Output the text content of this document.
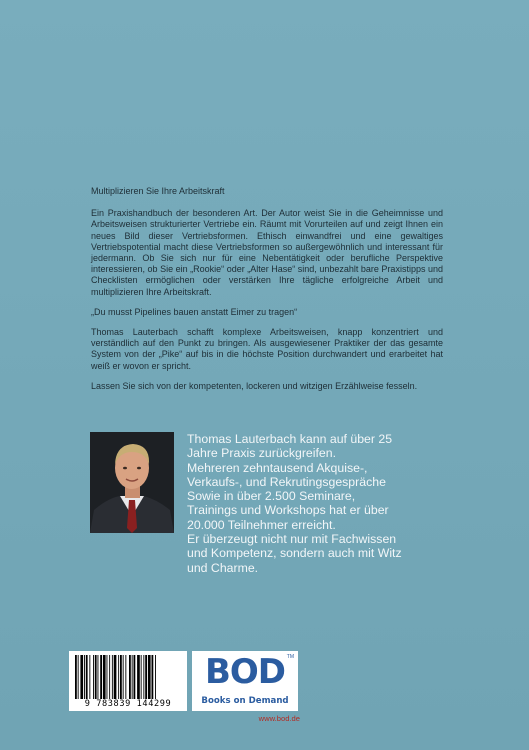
Multiplizieren Sie Ihre Arbeitskraft

Ein Praxishandbuch der besonderen Art. Der Autor weist Sie in die Geheimnisse und Arbeitsweisen strukturierter Vertriebe ein. Räumt mit Vorurteilen auf und zeigt Ihnen ein neues Bild dieser Vertriebsformen. Ethisch einwandfrei und eine gewaltiges Vertriebspotential macht diese Vertriebsformen so außergewöhnlich und interessant für jedermann. Ob Sie sich nur für eine Nebentätigkeit oder berufliche Perspektive interessieren, ob Sie ein „Rookie“ oder „Alter Hase“ sind, unbezahlt bare Praxistipps und Checklisten ermöglichen oder verstärken Ihre tägliche erfolgreiche Arbeit und multiplizieren Ihre Arbeitskraft.

„Du musst Pipelines bauen anstatt Eimer zu tragen“

Thomas Lauterbach schafft komplexe Arbeitsweisen, knapp konzentriert und verständlich auf den Punkt zu bringen. Als ausgewiesener Praktiker der das gesamte System von der „Pike“ auf bis in die höchste Position durchwandert und erarbeitet hat weiß er wovon er spricht.

Lassen Sie sich von der kompetenten, lockeren und witzigen Erzählweise fesseln.

Thomas Lauterbach kann auf über 25
Jahre Praxis zurückgreifen.
Mehreren zehntausend Akquise-,
Verkaufs-, und Rekrutingsgespräche
Sowie in über 2.500 Seminare,
Trainings und Workshops hat er über
20.000 Teilnehmer erreicht.
Er überzeugt nicht nur mit Fachwissen
und Kompetenz, sondern auch mit Witz
und Charme.
9 783839 144299
BOD TM
Books on Demand
www.bod.de
